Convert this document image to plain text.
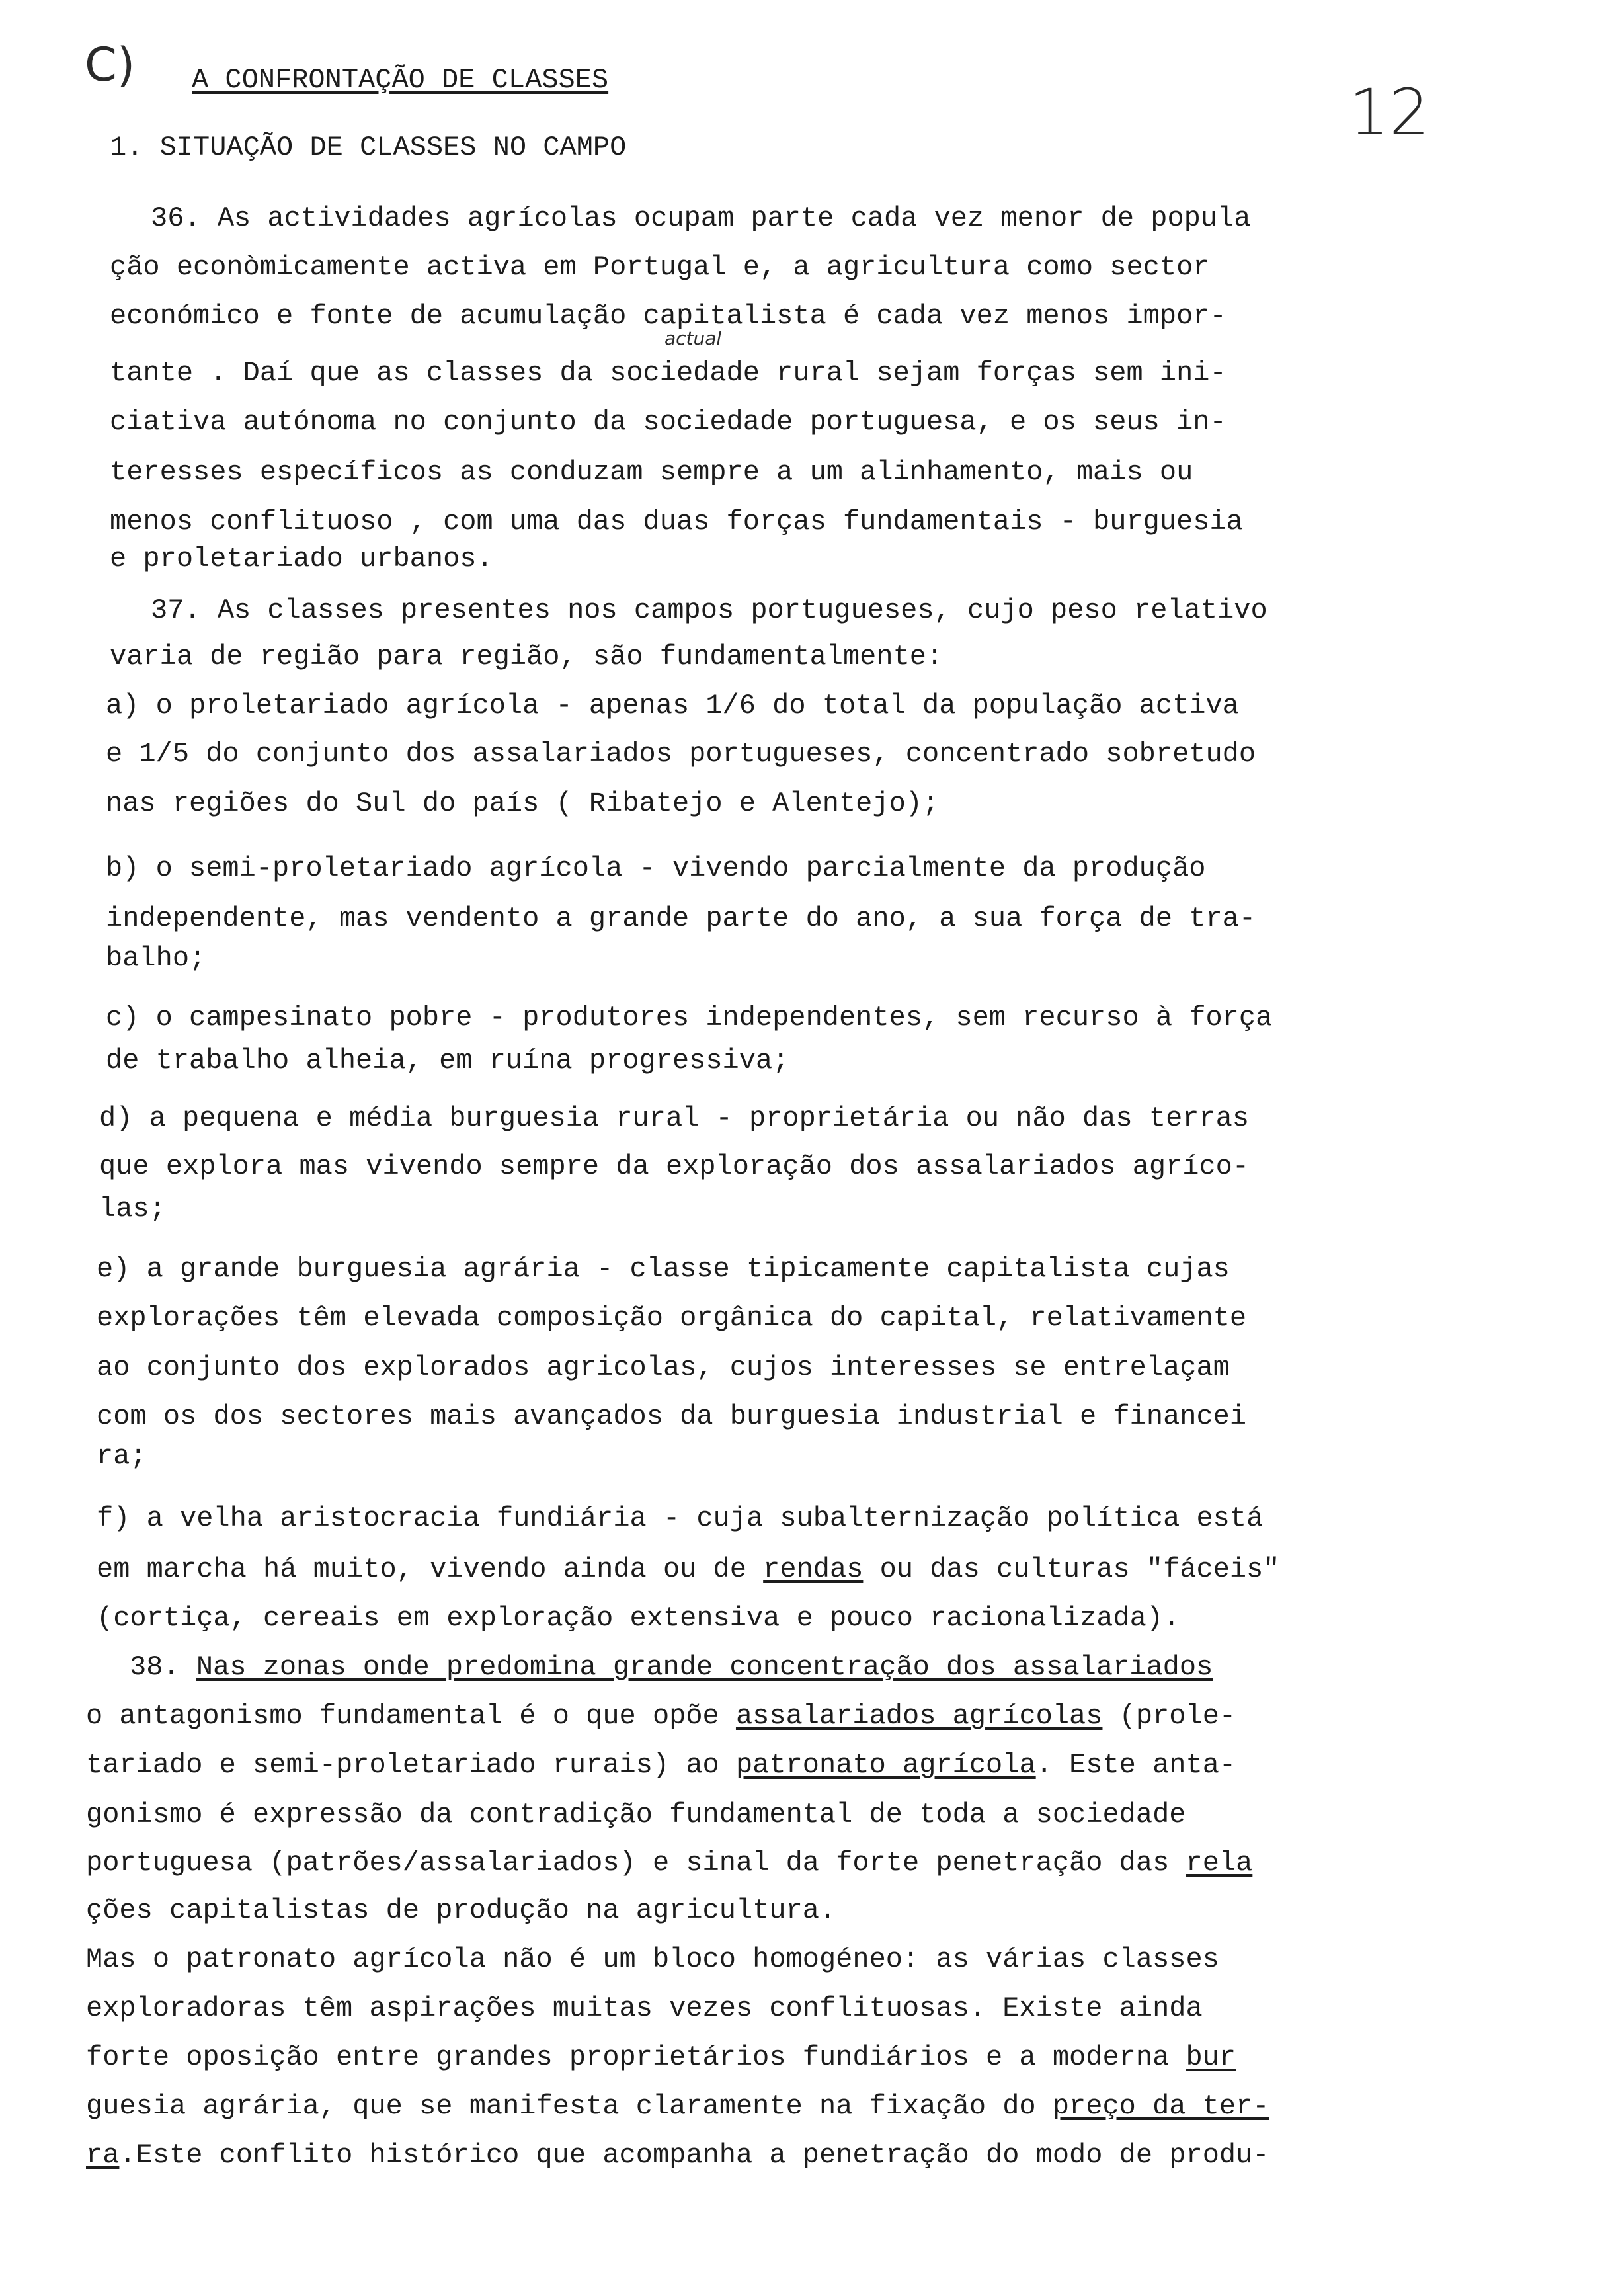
C) A CONFRONTAÇÃO DE CLASSES	12
1. SITUAÇÃO DE CLASSES NO CAMPO
36. As actividades agrícolas ocupam parte cada vez menor de popula
ção econòmicamente activa em Portugal e, a agricultura como sector
económico e fonte de acumulação capitalista é cada vez menos impor-
actual
tante . Daí que as classes da sociedade rural sejam forças sem ini-
ciativa autónoma no conjunto da sociedade portuguesa, e os seus in-
teresses específicos as conduzam sempre a um alinhamento, mais ou
menos conflituoso , com uma das duas forças fundamentais - burguesia
e proletariado urbanos.
37. As classes presentes nos campos portugueses, cujo peso relativo
varia de região para região, são fundamentalmente:
a) o proletariado agrícola - apenas 1/6 do total da população activa
e 1/5 do conjunto dos assalariados portugueses, concentrado sobretudo
nas regiões do Sul do país ( Ribatejo e Alentejo);
b) o semi-proletariado agrícola - vivendo parcialmente da produção
independente, mas vendento a grande parte do ano, a sua força de tra-
balho;
c) o campesinato pobre - produtores independentes, sem recurso à força
de trabalho alheia, em ruína progressiva;
d) a pequena e média burguesia rural - proprietária ou não das terras
que explora mas vivendo sempre da exploração dos assalariados agríco-
las;
e) a grande burguesia agrária - classe tipicamente capitalista cujas
explorações têm elevada composição orgânica do capital, relativamente
ao conjunto dos explorados agricolas, cujos interesses se entrelaçam
com os dos sectores mais avançados da burguesia industrial e financei
ra;
f) a velha aristocracia fundiária - cuja subalternização política está
em marcha há muito, vivendo ainda ou de rendas ou das culturas "fáceis"
(cortiça, cereais em exploração extensiva e pouco racionalizada).
38. Nas zonas onde predomina grande concentração dos assalariados
o antagonismo fundamental é o que opõe assalariados agrícolas (prole-
tariado e semi-proletariado rurais) ao patronato agrícola. Este anta-
gonismo é expressão da contradição fundamental de toda a sociedade
portuguesa (patrões/assalariados) e sinal da forte penetração das rela
ções capitalistas de produção na agricultura.
Mas o patronato agrícola não é um bloco homogéneo: as várias classes
exploradoras têm aspirações muitas vezes conflituosas. Existe ainda
forte oposição entre grandes proprietários fundiários e a moderna bur
guesia agrária, que se manifesta claramente na fixação do preço da ter-
ra.Este conflito histórico que acompanha a penetração do modo de produ-
